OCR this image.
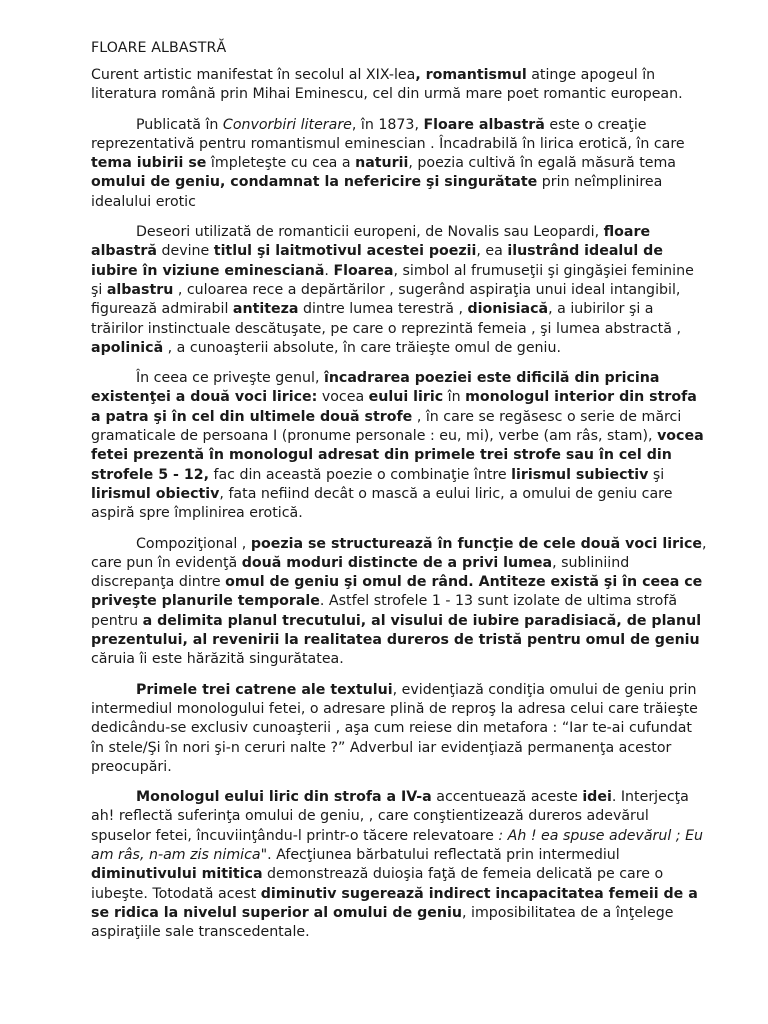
FLOARE ALBASTRĂ

Curent artistic manifestat în secolul al XIX-lea, romantismul atinge apogeul în literatura română prin Mihai Eminescu, cel din urmă mare poet romantic european.

Publicată în Convorbiri literare, în 1873, Floare albastră este o creaţie reprezentativă pentru romantismul eminescian . Încadrabilă în lirica erotică, în care tema iubirii se împleteşte cu cea a naturii, poezia cultivă în egală măsură tema omului de geniu, condamnat la nefericire şi singurătate prin neîmplinirea idealului erotic

Deseori utilizată de romanticii europeni, de Novalis sau Leopardi, floare albastră devine titlul şi laitmotivul acestei poezii, ea ilustrând idealul de iubire în viziune eminesciană. Floarea, simbol al frumuseţii şi gingăşiei feminine şi albastru , culoarea rece a depărtărilor , sugerând aspiraţia unui ideal intangibil, figurează admirabil antiteza dintre lumea terestră , dionisiacă, a iubirilor şi a trăirilor instinctuale descătuşate, pe care o reprezintă femeia , şi lumea abstractă , apolinică , a cunoaşterii absolute, în care trăieşte omul de geniu.

În ceea ce priveşte genul, încadrarea poeziei este dificilă din pricina existenţei a două voci lirice: vocea eului liric în monologul interior din strofa a patra şi în cel din ultimele două strofe , în care se regăsesc o serie de mărci gramaticale de persoana I (pronume personale : eu, mi), verbe (am râs, stam), vocea fetei prezentă în monologul adresat din primele trei strofe sau în cel din strofele 5 - 12, fac din această poezie o combinaţie între lirismul subiectiv şi lirismul obiectiv, fata nefiind decât o mască a eului liric, a omului de geniu care aspiră spre împlinirea erotică.

Compoziţional , poezia se structurează în funcţie de cele două voci lirice, care pun în evidenţă două moduri distincte de a privi lumea, subliniind discrepanţa dintre omul de geniu şi omul de rând. Antiteze există şi în ceea ce priveşte planurile temporale. Astfel strofele 1 - 13 sunt izolate de ultima strofă pentru a delimita planul trecutului, al visului de iubire paradisiacă, de planul prezentului, al revenirii la realitatea dureros de tristă pentru omul de geniu căruia îi este hărăzită singurătatea.

Primele trei catrene ale textului, evidenţiază condiţia omului de geniu prin intermediul monologului fetei, o adresare plină de reproş la adresa celui care trăieşte dedicându-se exclusiv cunoaşterii , aşa cum reiese din metafora : “Iar te-ai cufundat în stele/Şi în nori şi-n ceruri nalte ?” Adverbul iar evidenţiază permanenţa acestor preocupări.

Monologul eului liric din strofa a IV-a accentuează aceste idei. Interjecţa ah! reflectă suferinţa omului de geniu, , care conştientizează dureros adevărul spuselor fetei, încuviinţându-l printr-o tăcere relevatoare : Ah ! ea spuse adevărul ; Eu am râs, n-am zis nimica". Afecţiunea bărbatului reflectată prin intermediul diminutivului mititica demonstrează duioşia faţă de femeia delicată pe care o iubeşte. Totodată acest diminutiv sugerează indirect incapacitatea femeii de a se ridica la nivelul superior al omului de geniu, imposibilitatea de a înţelege aspiraţiile sale transcedentale.
